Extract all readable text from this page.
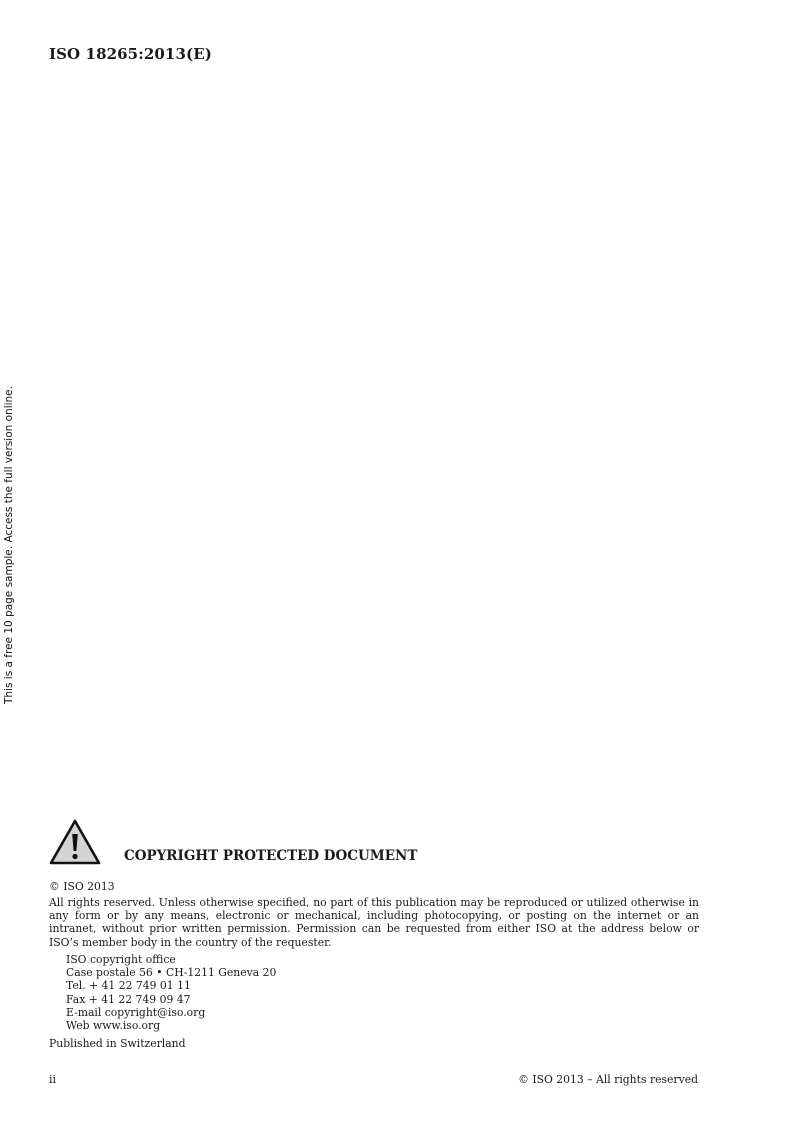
ISO 18265:2013(E)
This is a free 10 page sample. Access the full version online.
COPYRIGHT PROTECTED DOCUMENT
© ISO 2013
All rights reserved. Unless otherwise specified, no part of this publication may be reproduced or utilized otherwise in any form or by any means, electronic or mechanical, including photocopying, or posting on the internet or an intranet, without prior written permission. Permission can be requested from either ISO at the address below or ISO’s member body in the country of the requester.
ISO copyright office
Case postale 56 • CH-1211 Geneva 20
Tel. + 41 22 749 01 11
Fax + 41 22 749 09 47
E-mail copyright@iso.org
Web www.iso.org
Published in Switzerland
ii	© ISO 2013 – All rights reserved
